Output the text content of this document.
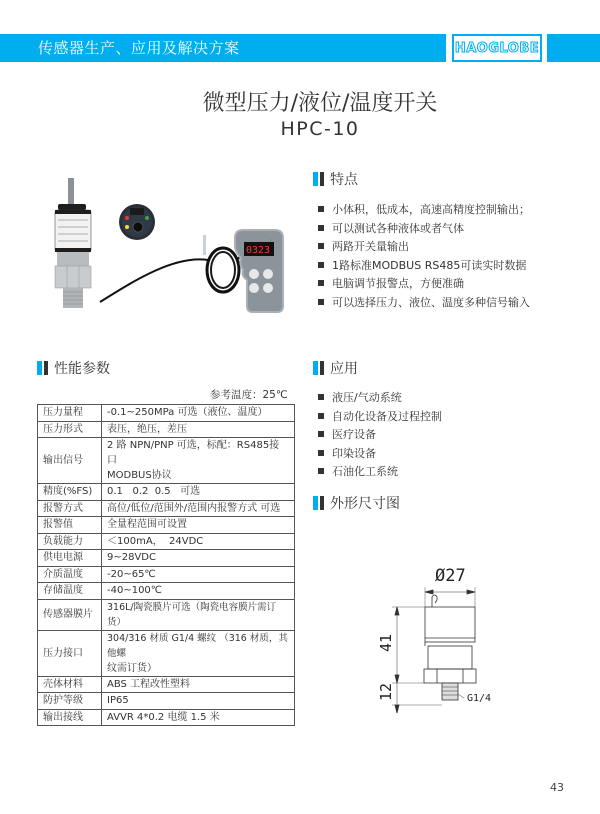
传感器生产、应用及解决方案	HAOGLOBE
微型压力/液位/温度开关
HPC-10
0323
特点
小体积，低成本，高速高精度控制输出；
可以测试各种液体或者气体
两路开关量输出
1路标准MODBUS RS485可读实时数据
电脑调节报警点，方便准确
可以选择压力、液位、温度多种信号输入
性能参数
参考温度：25℃
压力量程	-0.1~250MPa 可选（液位、温度）
压力形式	表压，绝压，差压
输出信号	2 路 NPN/PNP 可选，标配：RS485接口
MODBUS协议

精度(%FS)	0.1   0.2  0.5   可选
报警方式	高位/低位/范围外/范围内报警方式 可选
报警值	全量程范围可设置
负载能力	＜100mA，  24VDC
供电电源	9~28VDC
介质温度	-20~65℃
存储温度	-40~100℃
传感器膜片	316L/陶瓷膜片可选（陶瓷电容膜片需订货）
压力接口	304/316 材质 G1/4 螺纹 （316 材质，其他螺
纹需订货）

壳体材料	ABS 工程改性塑料
防护等级	IP65
输出接线	AVVR 4*0.2 电缆 1.5 米
应用
液压/气动系统
自动化设备及过程控制
医疗设备
印染设备
石油化工系统
外形尺寸图
Ø27
41
12	G1/4
43
